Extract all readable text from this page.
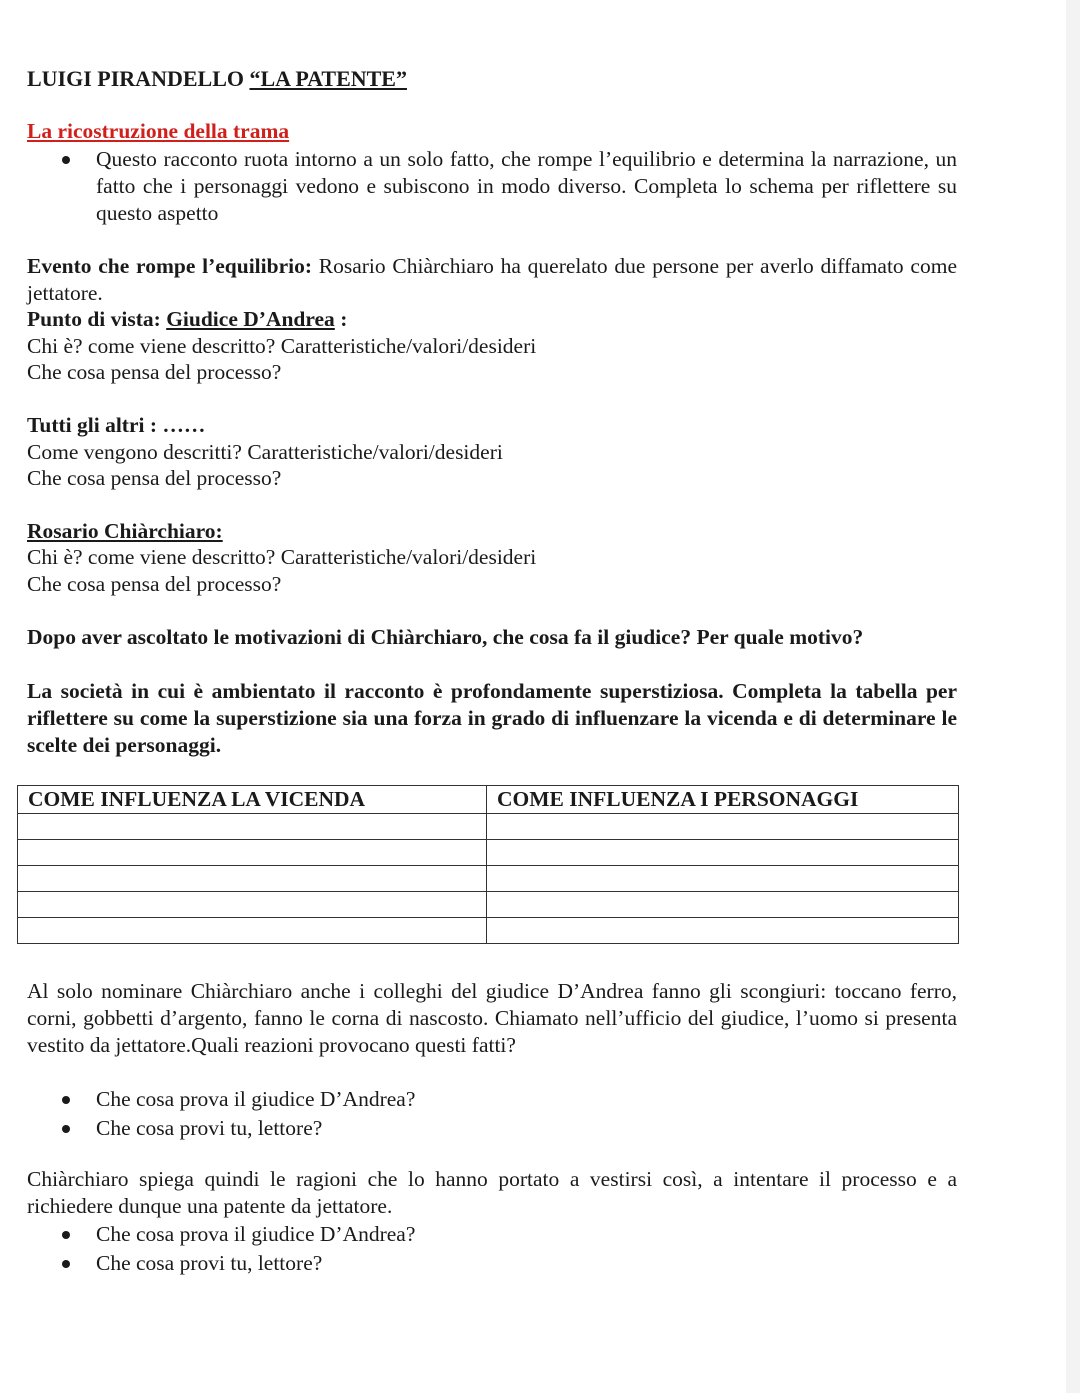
LUIGI PIRANDELLO “LA PATENTE”

La ricostruzione della trama

Questo racconto ruota intorno a un solo fatto, che rompe l’equilibrio e determina la narrazione, un fatto che i personaggi vedono e subiscono in modo diverso. Completa lo schema per riflettere su questo aspetto

Evento che rompe l’equilibrio: Rosario Chiàrchiaro ha querelato due persone per averlo diffamato come jettatore.

Punto di vista: Giudice D’Andrea :

Chi è? come viene descritto? Caratteristiche/valori/desideri

Che cosa pensa del processo?

Tutti gli altri : ……

Come vengono descritti? Caratteristiche/valori/desideri

Che cosa pensa del processo?

Rosario Chiàrchiaro:

Chi è? come viene descritto? Caratteristiche/valori/desideri

Che cosa pensa del processo?

Dopo aver ascoltato le motivazioni di Chiàrchiaro, che cosa fa il giudice? Per quale motivo?

La società in cui è ambientato il racconto è profondamente superstiziosa. Completa la tabella per riflettere su come la superstizione sia una forza in grado di influenzare la vicenda e di determinare le scelte dei personaggi.

COME INFLUENZA LA VICENDA	COME INFLUENZA I PERSONAGGI

Al solo nominare Chiàrchiaro anche i colleghi del giudice D’Andrea fanno gli scongiuri: toccano ferro, corni, gobbetti d’argento, fanno le corna di nascosto. Chiamato nell’ufficio del giudice, l’uomo si presenta vestito da jettatore.Quali reazioni provocano questi fatti?

Che cosa prova il giudice D’Andrea?
Che cosa provi tu, lettore?

Chiàrchiaro spiega quindi le ragioni che lo hanno portato a vestirsi così, a intentare il processo e a richiedere dunque una patente da jettatore.

Che cosa prova il giudice D’Andrea?
Che cosa provi tu, lettore?
